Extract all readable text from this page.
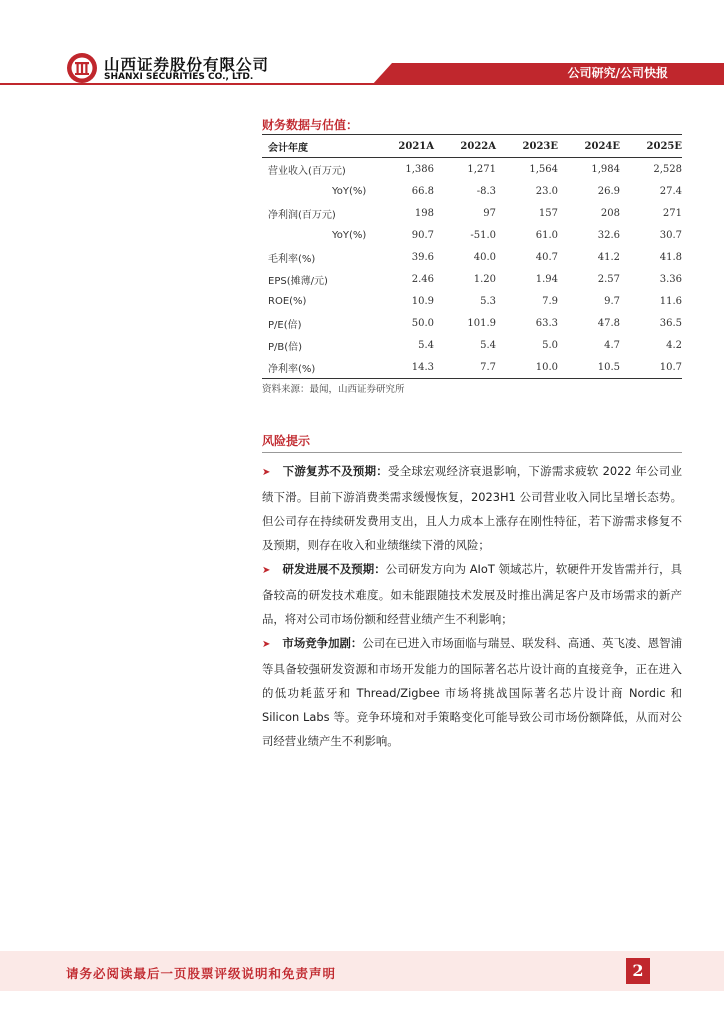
山西证券股份有限公司
SHANXI SECURITIES CO., LTD.	公司研究/公司快报
财务数据与估值：
会计年度	2021A	2022A	2023E	2024E	2025E
营业收入(百万元)	1,386	1,271	1,564	1,984	2,528
YoY(%)	66.8	-8.3	23.0	26.9	27.4
净利润(百万元)	198	97	157	208	271
YoY(%)	90.7	-51.0	61.0	32.6	30.7
毛利率(%)	39.6	40.0	40.7	41.2	41.8
EPS(摊薄/元)	2.46	1.20	1.94	2.57	3.36
ROE(%)	10.9	5.3	7.9	9.7	11.6
P/E(倍)	50.0	101.9	63.3	47.8	36.5
P/B(倍)	5.4	5.4	5.0	4.7	4.2
净利率(%)	14.3	7.7	10.0	10.5	10.7
资料来源：最闻，山西证券研究所
风险提示

➤ 下游复苏不及预期：受全球宏观经济衰退影响，下游需求疲软 2022 年公司业绩下滑。目前下游消费类需求缓慢恢复，2023H1 公司营业收入同比呈增长态势。但公司存在持续研发费用支出，且人力成本上涨存在刚性特征，若下游需求修复不及预期，则存在收入和业绩继续下滑的风险；

➤ 研发进展不及预期：公司研发方向为 AIoT 领域芯片，软硬件开发皆需并行，具备较高的研发技术难度。如未能跟随技术发展及时推出满足客户及市场需求的新产品，将对公司市场份额和经营业绩产生不利影响；

➤ 市场竞争加剧：公司在已进入市场面临与瑞昱、联发科、高通、英飞凌、恩智浦等具备较强研发资源和市场开发能力的国际著名芯片设计商的直接竞争，正在进入的低功耗蓝牙和 Thread/Zigbee 市场将挑战国际著名芯片设计商 Nordic 和 Silicon Labs 等。竞争环境和对手策略变化可能导致公司市场份额降低，从而对公司经营业绩产生不利影响。

请务必阅读最后一页股票评级说明和免责声明	2
